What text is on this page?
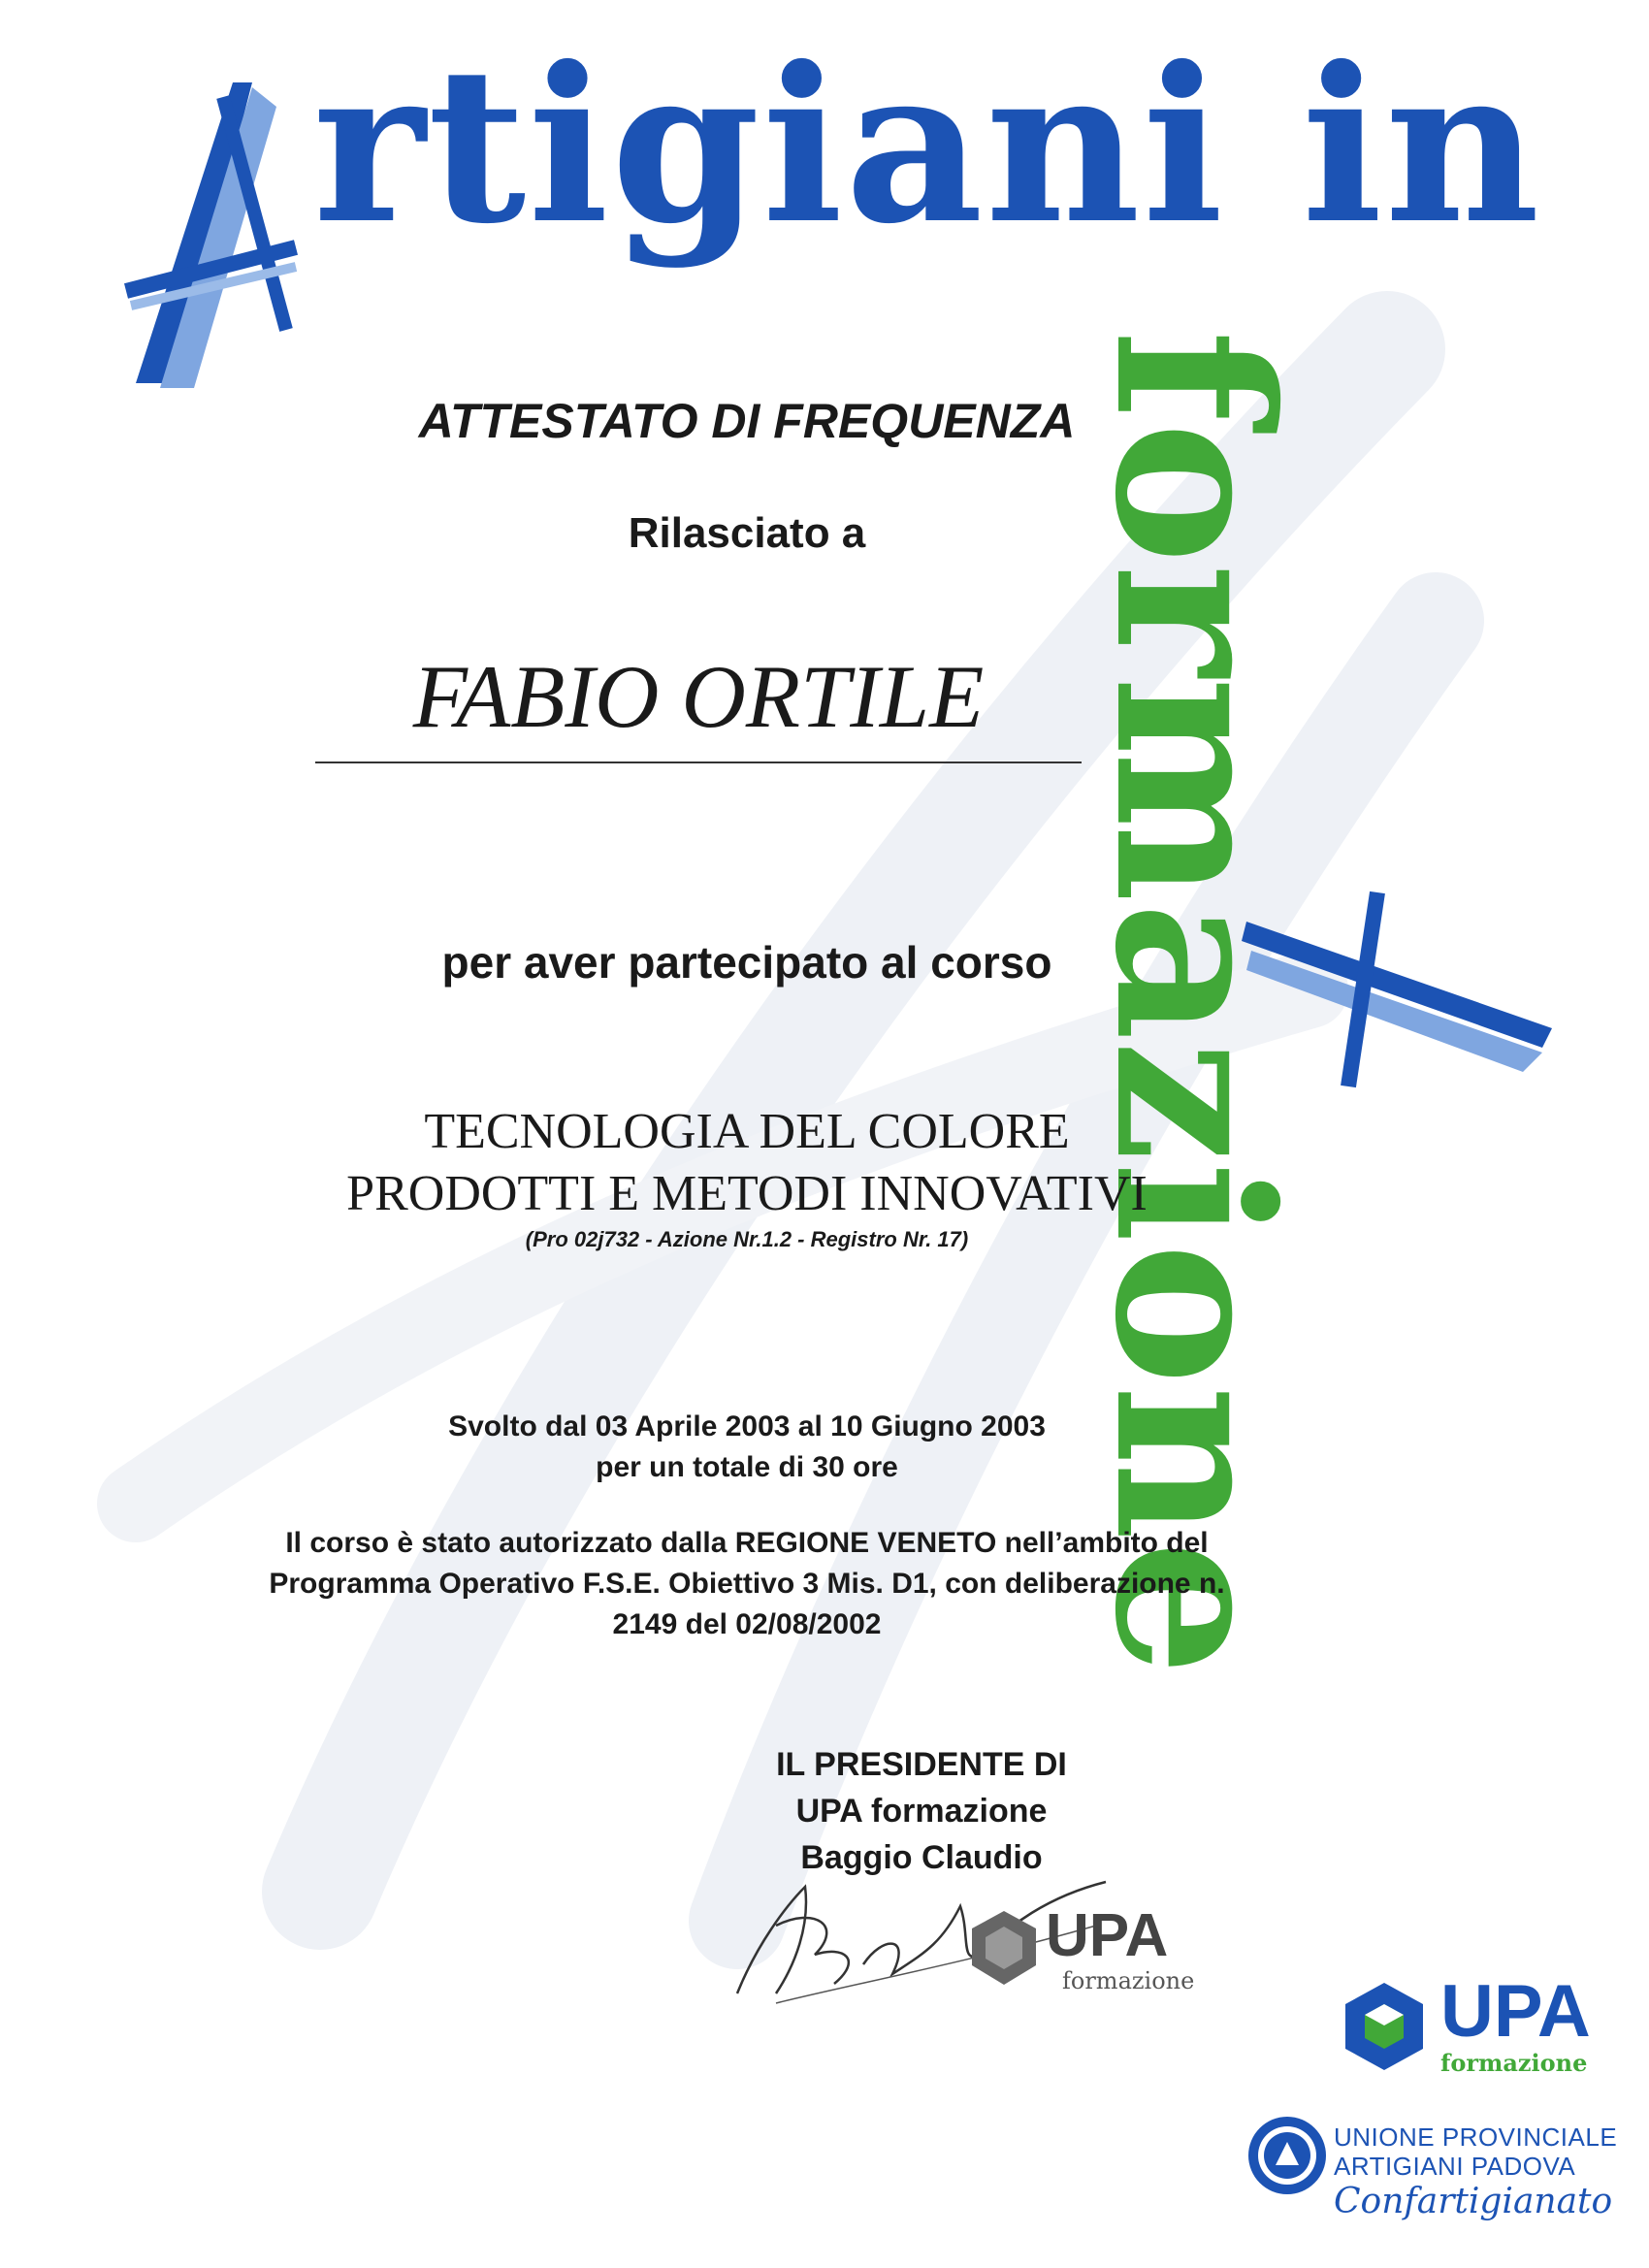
rtigiani in
formazione
ATTESTATO DI FREQUENZA
Rilasciato a
FABIO ORTILE
per aver partecipato al corso
TECNOLOGIA DEL COLORE
PRODOTTI E METODI INNOVATIVI
(Pro 02j732 - Azione Nr.1.2 - Registro Nr. 17)
Svolto dal 03 Aprile 2003 al 10 Giugno 2003
per un totale di 30 ore
Il corso è stato autorizzato dalla REGIONE VENETO nell’ambito del
Programma Operativo F.S.E. Obiettivo 3 Mis. D1, con deliberazione n.
2149 del 02/08/2002
IL PRESIDENTE DI
UPA formazione
Baggio Claudio
UPA
formazione	UPA
formazione
UNIONE PROVINCIALE
ARTIGIANI PADOVA
Confartigianato
